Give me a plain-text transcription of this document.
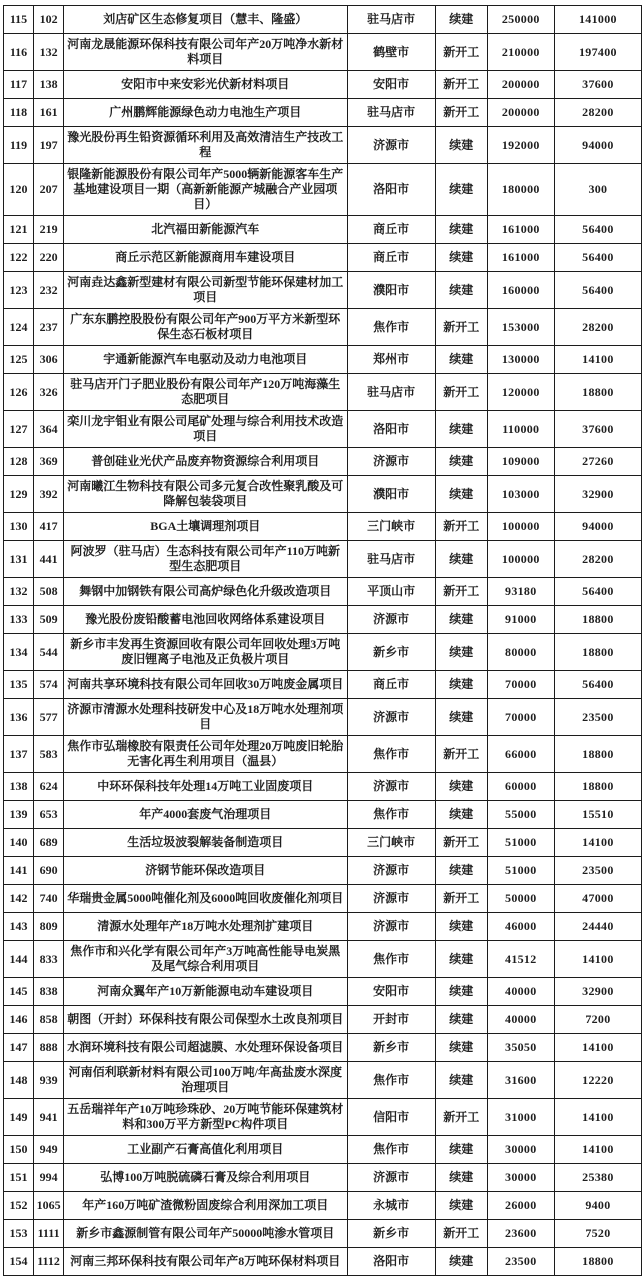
115	102	刘店矿区生态修复项目（慧丰、隆盛）	驻马店市	续建	250000	141000
116	132	河南龙晟能源环保科技有限公司年产20万吨净水新材料项目	鹤壁市	新开工	210000	197400
117	138	安阳市中来安彩光伏新材料项目	安阳市	新开工	200000	37600
118	161	广州鹏辉能源绿色动力电池生产项目	驻马店市	新开工	200000	28200
119	197	豫光股份再生铅资源循环利用及高效清洁生产技改工程	济源市	续建	192000	94000
120	207	银隆新能源股份有限公司年产5000辆新能源客车生产基地建设项目一期（高新新能源产城融合产业园项目）	洛阳市	续建	180000	300
121	219	北汽福田新能源汽车	商丘市	续建	161000	56400
122	220	商丘示范区新能源商用车建设项目	商丘市	续建	161000	56400
123	232	河南垚达鑫新型建材有限公司新型节能环保建材加工项目	濮阳市	续建	160000	56400
124	237	广东东鹏控股股份有限公司年产900万平方米新型环保生态石板材项目	焦作市	新开工	153000	28200
125	306	宇通新能源汽车电驱动及动力电池项目	郑州市	续建	130000	14100
126	326	驻马店开门子肥业股份有限公司年产120万吨海藻生态肥项目	驻马店市	新开工	120000	18800
127	364	栾川龙宇钼业有限公司尾矿处理与综合利用技术改造项目	洛阳市	续建	110000	37600
128	369	普创硅业光伏产品废弃物资源综合利用项目	济源市	续建	109000	27260
129	392	河南曦江生物科技有限公司多元复合改性聚乳酸及可降解包装袋项目	濮阳市	续建	103000	32900
130	417	BGA土壤调理剂项目	三门峡市	新开工	100000	94000
131	441	阿波罗（驻马店）生态科技有限公司年产110万吨新型生态肥项目	驻马店市	续建	100000	28200
132	508	舞钢中加钢铁有限公司高炉绿色化升级改造项目	平顶山市	新开工	93180	56400
133	509	豫光股份废铅酸蓄电池回收网络体系建设项目	济源市	续建	91000	18800
134	544	新乡市丰发再生资源回收有限公司年回收处理3万吨废旧锂离子电池及正负极片项目	新乡市	续建	80000	18800
135	574	河南共享环境科技有限公司年回收30万吨废金属项目	商丘市	续建	70000	56400
136	577	济源市清源水处理科技研发中心及18万吨水处理剂项目	济源市	续建	70000	23500
137	583	焦作市弘瑞橡胶有限责任公司年处理20万吨废旧轮胎无害化再生利用项目（温县）	焦作市	新开工	66000	18800
138	624	中环环保科技年处理14万吨工业固废项目	济源市	续建	60000	18800
139	653	年产4000套废气治理项目	焦作市	续建	55000	15510
140	689	生活垃圾波裂解装备制造项目	三门峡市	新开工	51000	14100
141	690	济钢节能环保改造项目	济源市	续建	51000	23500
142	740	华瑞贵金属5000吨催化剂及6000吨回收废催化剂项目	济源市	新开工	50000	47000
143	809	清源水处理年产18万吨水处理剂扩建项目	济源市	续建	46000	24440
144	833	焦作市和兴化学有限公司年产3万吨高性能导电炭黑及尾气综合利用项目	焦作市	续建	41512	14100
145	838	河南众翼年产10万新能源电动车建设项目	安阳市	续建	40000	32900
146	858	朝图（开封）环保科技有限公司保型水土改良剂项目	开封市	续建	40000	7200
147	888	水润环境科技有限公司超滤膜、水处理环保设备项目	新乡市	续建	35050	14100
148	939	河南佰利联新材料有限公司100万吨/年高盐废水深度治理项目	焦作市	续建	31600	12220
149	941	五岳瑞祥年产10万吨珍珠砂、20万吨节能环保建筑材料和300万平方新型PC构件项目	信阳市	新开工	31000	14100
150	949	工业副产石膏高值化利用项目	焦作市	续建	30000	14100
151	994	弘博100万吨脱硫磷石膏及综合利用项目	济源市	续建	30000	25380
152	1065	年产160万吨矿渣微粉固废综合利用深加工项目	永城市	续建	26000	9400
153	1111	新乡市鑫源制管有限公司年产50000吨渗水管项目	新乡市	新开工	23600	7520
154	1112	河南三邦环保科技有限公司年产8万吨环保材料项目	洛阳市	续建	23500	18800
